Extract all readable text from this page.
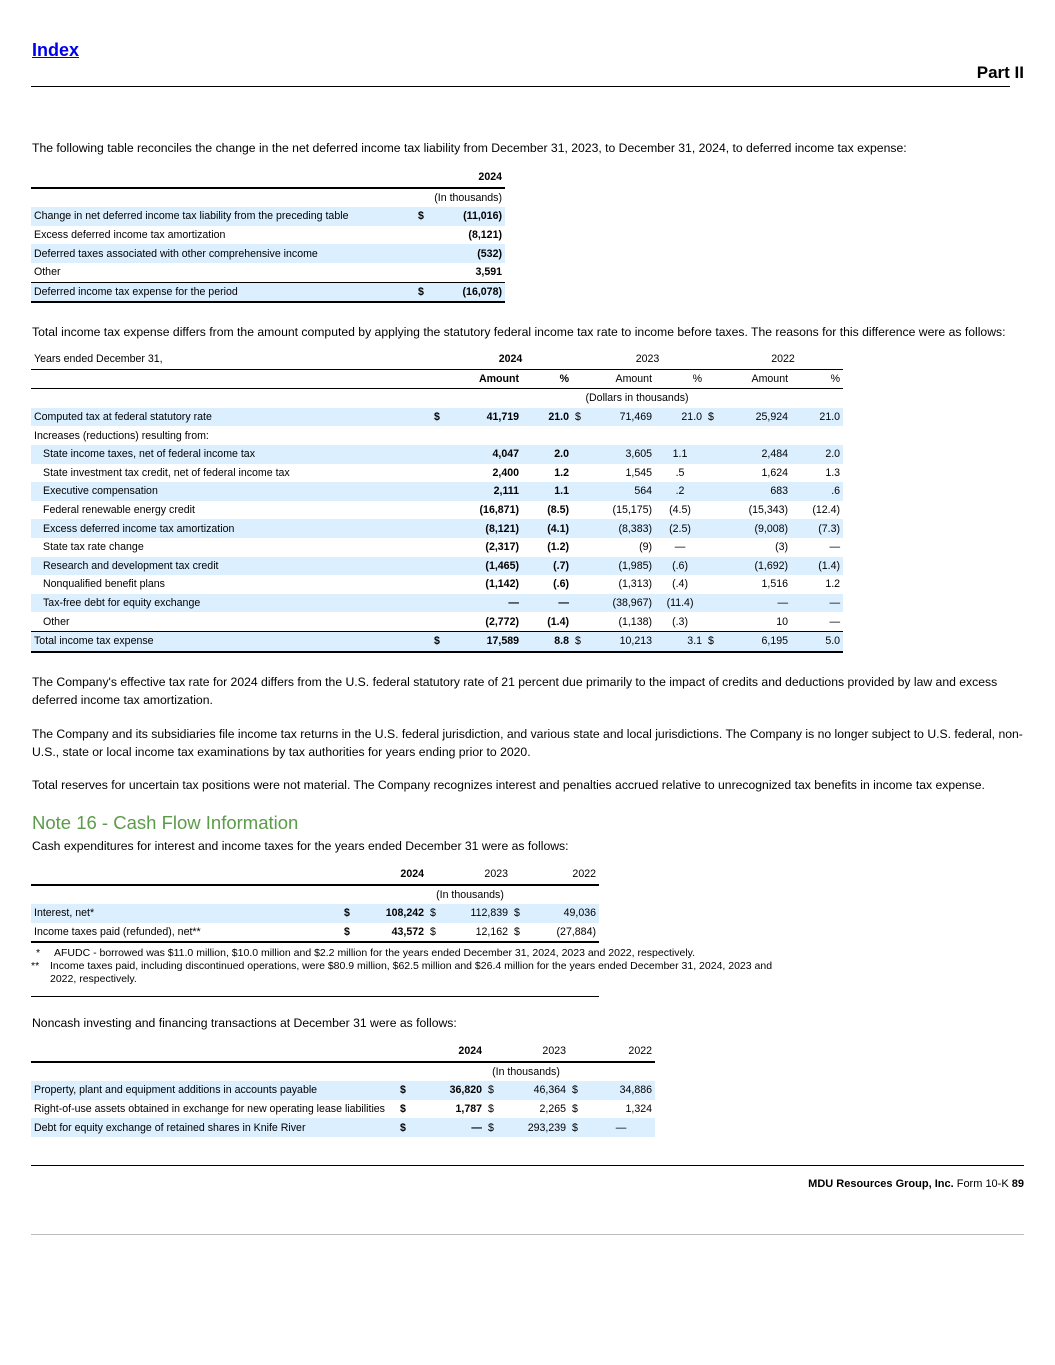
Index
Part II
The following table reconciles the change in the net deferred income tax liability from December 31, 2023, to December 31, 2024, to deferred income tax expense:
		2024
	(In thousands)	
Change in net deferred income tax liability from the preceding table	$	(11,016)
Excess deferred income tax amortization		(8,121)
Deferred taxes associated with other comprehensive income		(532)
Other		3,591
Deferred income tax expense for the period	$	(16,078)
Total income tax expense differs from the amount computed by applying the statutory federal income tax rate to income before taxes. The reasons for this difference were as follows:
Years ended December 31,		2024			2023			2022	
		Amount	%		Amount	%		Amount	%
	(Dollars in thousands)								
Computed tax at federal statutory rate	$	41,719	21.0	$	71,469	21.0	$	25,924	21.0
Increases (reductions) resulting from:									
State income taxes, net of federal income tax		4,047	2.0		3,605	1.1		2,484	2.0
State investment tax credit, net of federal income tax		2,400	1.2		1,545	.5		1,624	1.3
Executive compensation		2,111	1.1		564	.2		683	.6
Federal renewable energy credit		(16,871)	(8.5)		(15,175)	(4.5)		(15,343)	(12.4)
Excess deferred income tax amortization		(8,121)	(4.1)		(8,383)	(2.5)		(9,008)	(7.3)
State tax rate change		(2,317)	(1.2)		(9)	—		(3)	—
Research and development tax credit		(1,465)	(.7)		(1,985)	(.6)		(1,692)	(1.4)
Nonqualified benefit plans		(1,142)	(.6)		(1,313)	(.4)		1,516	1.2
Tax-free debt for equity exchange		—	—		(38,967)	(11.4)		—	—
Other		(2,772)	(1.4)		(1,138)	(.3)		10	—
Total income tax expense	$	17,589	8.8	$	10,213	3.1	$	6,195	5.0
The Company's effective tax rate for 2024 differs from the U.S. federal statutory rate of 21 percent due primarily to the impact of credits and deductions provided by law and excess deferred income tax amortization.
The Company and its subsidiaries file income tax returns in the U.S. federal jurisdiction, and various state and local jurisdictions. The Company is no longer subject to U.S. federal, non-U.S., state or local income tax examinations by tax authorities for years ending prior to 2020.
Total reserves for uncertain tax positions were not material. The Company recognizes interest and penalties accrued relative to unrecognized tax benefits in income tax expense.
Note 16 - Cash Flow Information
Cash expenditures for interest and income taxes for the years ended December 31 were as follows:
		2024		2023		2022
	(In thousands)					
Interest, net*	$	108,242	$	112,839	$	49,036
Income taxes paid (refunded), net**	$	43,572	$	12,162	$	(27,884)
* AFUDC - borrowed was $11.0 million, $10.0 million and $2.2 million for the years ended December 31, 2024, 2023 and 2022, respectively.
** Income taxes paid, including discontinued operations, were $80.9 million, $62.5 million and $26.4 million for the years ended December 31, 2024, 2023 and 2022, respectively.
Noncash investing and financing transactions at December 31 were as follows:
		2024		2023		2022
	(In thousands)					
Property, plant and equipment additions in accounts payable	$	36,820	$	46,364	$	34,886
Right-of-use assets obtained in exchange for new operating lease liabilities	$	1,787	$	2,265	$	1,324
Debt for equity exchange of retained shares in Knife River	$	—	$	293,239	$	—
MDU Resources Group, Inc. Form 10-K 89
